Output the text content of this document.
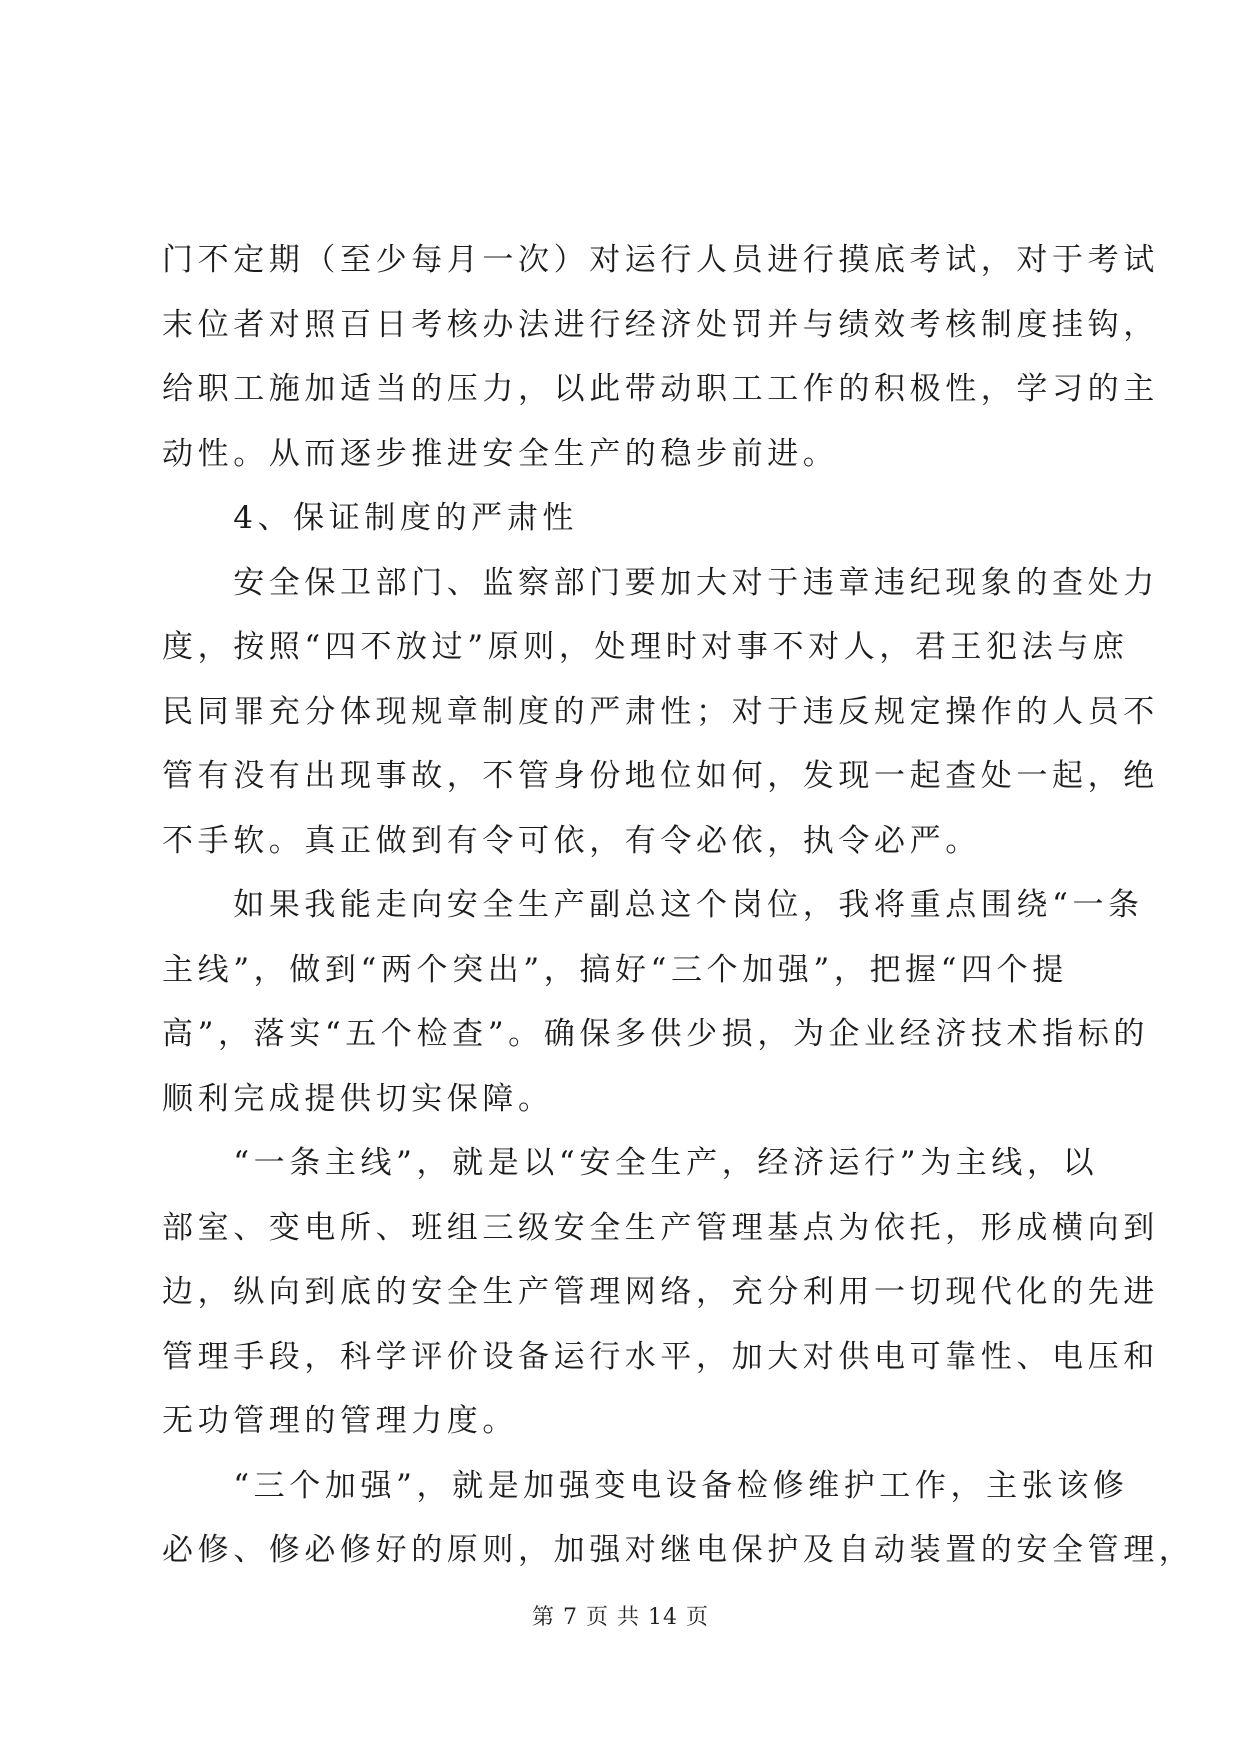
门不定期（至少每月一次）对运行人员进行摸底考试，对于考试
末位者对照百日考核办法进行经济处罚并与绩效考核制度挂钩，
给职工施加适当的压力，以此带动职工工作的积极性，学习的主
动性。从而逐步推进安全生产的稳步前进。
　　4、保证制度的严肃性
　　安全保卫部门、监察部门要加大对于违章违纪现象的查处力
度，按照“四不放过”原则，处理时对事不对人，君王犯法与庶
民同罪充分体现规章制度的严肃性；对于违反规定操作的人员不
管有没有出现事故，不管身份地位如何，发现一起查处一起，绝
不手软。真正做到有令可依，有令必依，执令必严。
　　如果我能走向安全生产副总这个岗位，我将重点围绕“一条
主线”，做到“两个突出”，搞好“三个加强”，把握“四个提
高”，落实“五个检查”。确保多供少损，为企业经济技术指标的
顺利完成提供切实保障。
　　“一条主线”，就是以“安全生产，经济运行”为主线，以
部室、变电所、班组三级安全生产管理基点为依托，形成横向到
边，纵向到底的安全生产管理网络，充分利用一切现代化的先进
管理手段，科学评价设备运行水平，加大对供电可靠性、电压和
无功管理的管理力度。
　　“三个加强”，就是加强变电设备检修维护工作，主张该修
必修、修必修好的原则，加强对继电保护及自动装置的安全管理，
第 7 页 共 14 页
